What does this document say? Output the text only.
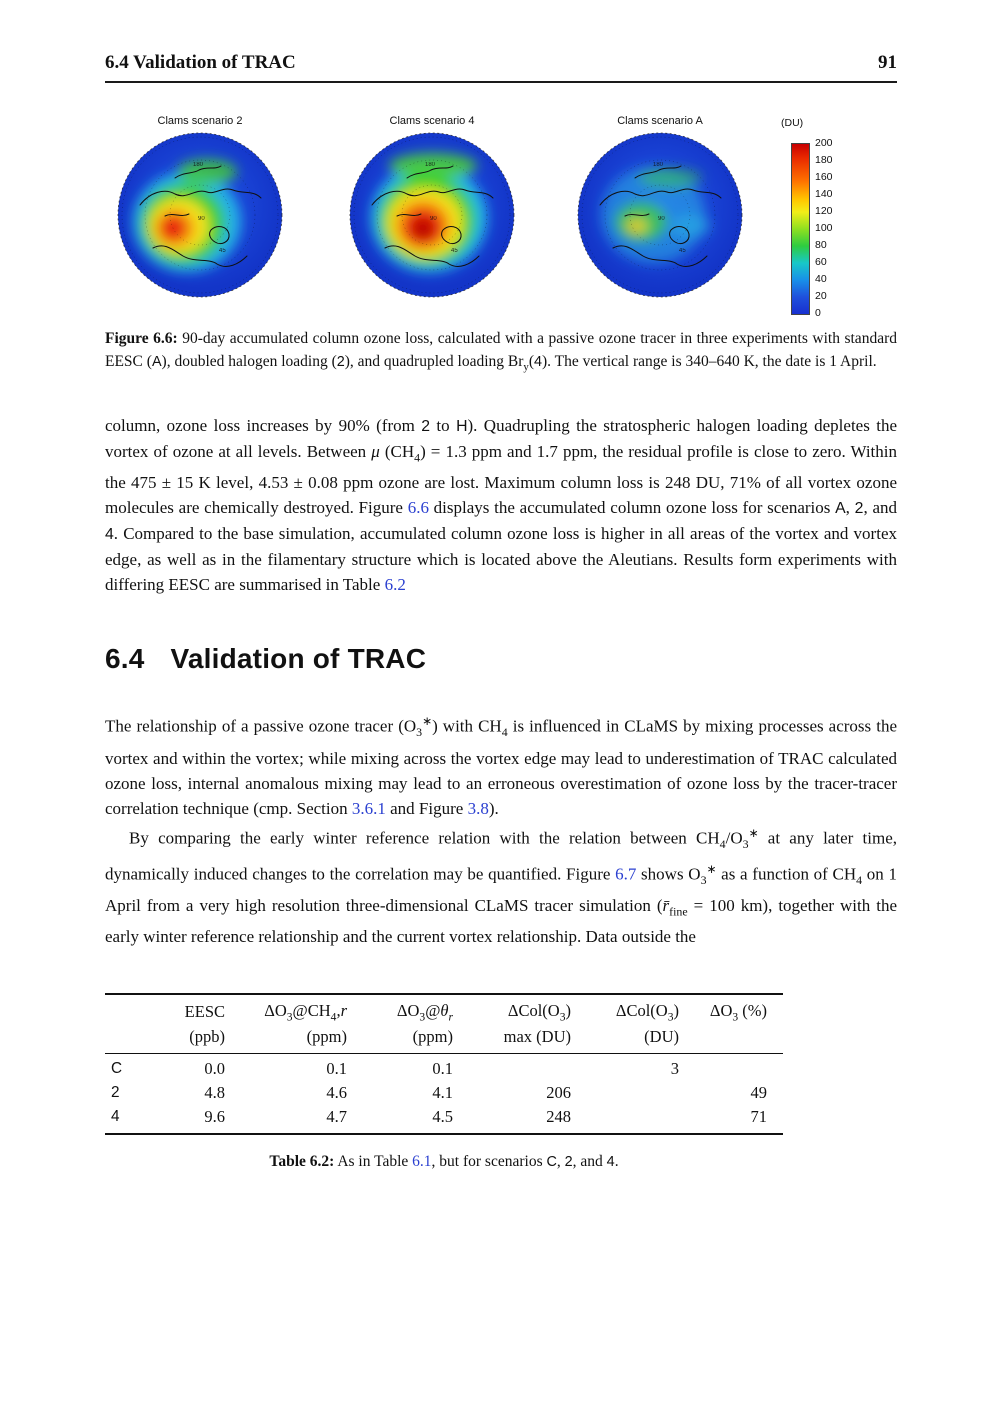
6.4 Validation of TRAC	91
Clams scenario 2
180
90
45
Clams scenario 4
180
90
45
Clams scenario A
180
90
45
(DU)
200
180
160
140
120
100
80
60
40
20
0
Figure 6.6: 90-day accumulated column ozone loss, calculated with a passive ozone tracer in three experiments with standard EESC (A), doubled halogen loading (2), and quadrupled loading $Br_y(4)$. The vertical range is 340–640 K, the date is 1 April.

column, ozone loss increases by 90% (from 2 to H). Quadrupling the stratospheric halogen loading depletes the vortex of ozone at all levels. Between μ $(CH_4) = 1.3$ ppm and 1.7 ppm, the residual profile is close to zero. Within the 475 ± 15 K level, 4.53 ± 0.08 ppm ozone are lost. Maximum column loss is 248 DU, 71% of all vortex ozone molecules are chemically destroyed. Figure 6.6 displays the accumulated column ozone loss for scenarios A, 2, and 4. Compared to the base simulation, accumulated column ozone loss is higher in all areas of the vortex and vortex edge, as well as in the filamentary structure which is located above the Aleutians. Results form experiments with differing EESC are summarised in Table 6.2

6.4 Validation of TRAC

The relationship of a passive ozone tracer $(O_3^∗)$ with $CH_4$ is influenced in CLaMS by mixing processes across the vortex and within the vortex; while mixing across the vortex edge may lead to underestimation of TRAC calculated ozone loss, internal anomalous mixing may lead to an erroneous overestimation of ozone loss by the tracer-tracer correlation technique (cmp. Section 3.6.1 and Figure 3.8).

By comparing the early winter reference relation with the relation between $CH_4/O_3^∗$ at any later time, dynamically induced changes to the correlation may be quantified. Figure 6.7 shows $O_3^∗$ as a function of $CH_4$ on 1 April from a very high resolution three-dimensional CLaMS tracer simulation ($r̄_{fine} = 100$ km), together with the early winter reference relationship and the current vortex relationship. Data outside the

	EESC	$\Delta O_3@CH_4,r$	$\Delta O_3@\theta_r$	$\Delta Col(O_3)$	$\Delta Col(O_3)$	$\Delta O_3$ (%)
	(ppb)	(ppm)	(ppm)	max (DU)	(DU)	
C	0.0	0.1	0.1		3	
2	4.8	4.6	4.1	206		49
4	9.6	4.7	4.5	248		71
Table 6.2: As in Table 6.1, but for scenarios C, 2, and 4.
